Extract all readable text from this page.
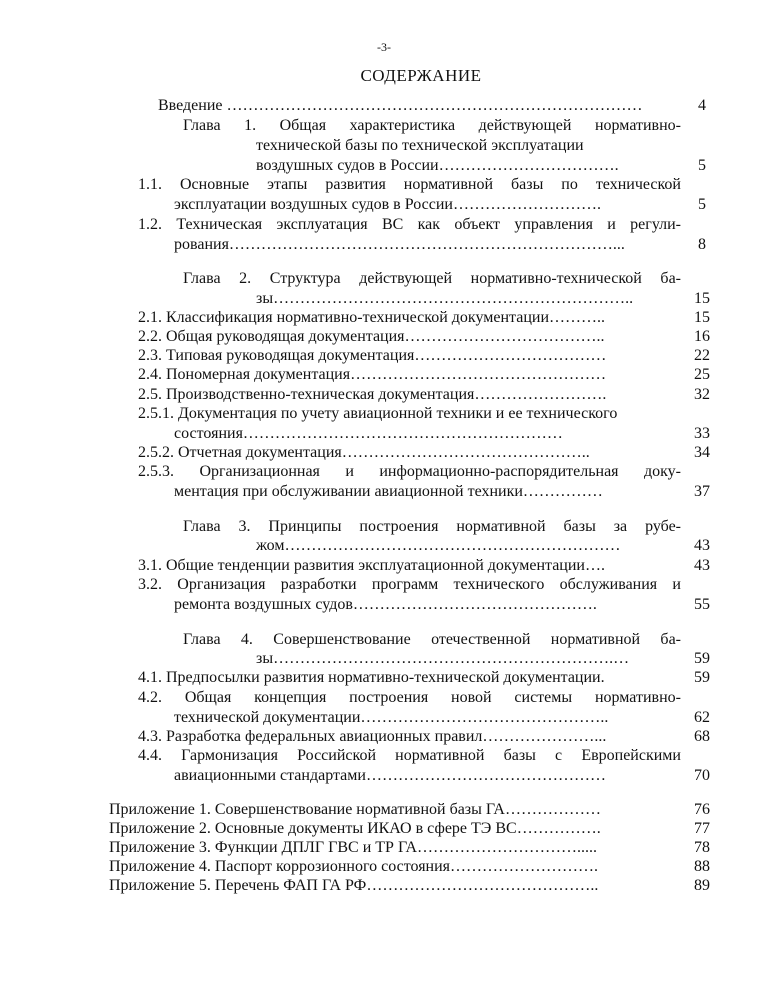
-3-
СОДЕРЖАНИЕ
Введение ……………………………………………………………………	4
Глава 1. Общая характеристика действующей нормативно-
технической базы по технической эксплуатации
воздушных судов в России…………………………….	5
1.1. Основные этапы развития нормативной базы по технической
эксплуатации воздушных судов в России……………………….	5
1.2. Техническая эксплуатация ВС как объект управления и регули-
рования………………………………………………………………...	8
Глава 2. Структура действующей нормативно-технической ба-
зы…………………………………………………………..	15
2.1. Классификация нормативно-технической документации………..	15
2.2. Общая руководящая документация………………………………..	16
2.3. Типовая руководящая документация………………………………	22
2.4. Пономерная документация…………………………………………	25
2.5. Производственно-техническая документация…………………….	32
2.5.1. Документация по учету авиационной техники и ее технического
состояния……………………………………………………	33
2.5.2. Отчетная документация………………………………………..	34
2.5.3. Организационная и информационно-распорядительная доку-
ментация при обслуживании авиационной техники……………	37
Глава 3. Принципы построения нормативной базы за рубе-
жом………………………………………………………	43
3.1. Общие тенденции развития эксплуатационной документации….	43
3.2. Организация разработки программ технического обслуживания и
ремонта воздушных судов……………………………………….	55
Глава 4. Совершенствование отечественной нормативной ба-
зы……………………………………………………….…	59
4.1. Предпосылки развития нормативно-технической документации.	59
4.2. Общая концепция построения новой системы нормативно-
технической документации………………………………………..	62
4.3. Разработка федеральных авиационных правил…………………...	68
4.4. Гармонизация Российской нормативной базы с Европейскими
авиационными стандартами………………………………………	70
Приложение 1. Совершенствование нормативной базы ГА………………	76
Приложение 2. Основные документы ИКАО в сфере ТЭ ВС…………….	77
Приложение 3. Функции ДПЛГ ГВС и ТР ГА………………………….....	78
Приложение 4. Паспорт коррозионного состояния……………………….	88
Приложение 5. Перечень ФАП ГА РФ……………………………………..	89
